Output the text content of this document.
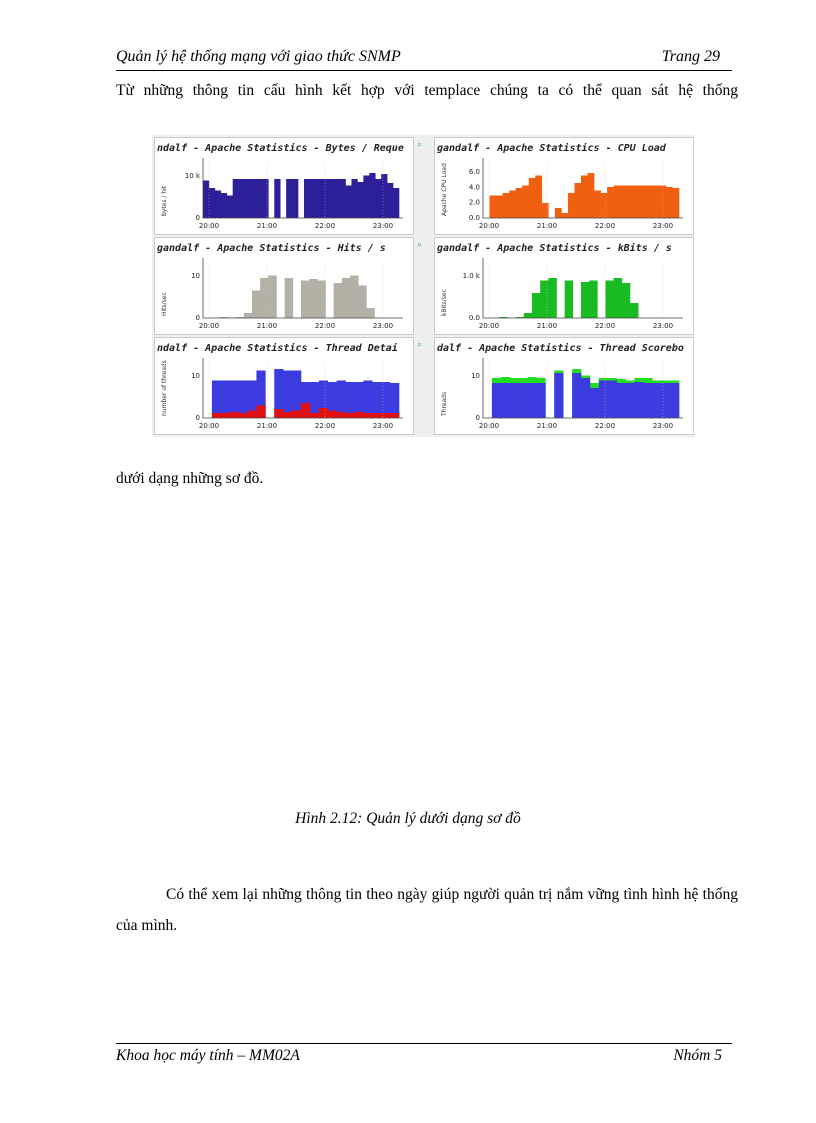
Quản lý hệ thống mạng với giao thức SNMP	Trang 29
Từ những thông tin cấu hình kết hợp với templace chúng ta có thể quan sát hệ thống
10 k
0
20:00	21:00	22:00	23:00
ndalf - Apache Statistics - Bytes / Reque
bytes / hit
⌕
6.0
4.0
2.0
0.0
20:00	21:00	22:00	23:00
gandalf - Apache Statistics - CPU Load
Apache CPU Load
10
0
20:00	21:00	22:00	23:00
gandalf - Apache Statistics - Hits / s
Hits/sec
⌕
1.0 k
0.0
20:00	21:00	22:00	23:00
gandalf - Apache Statistics - kBits / s
kBits/sec
10
0
20:00	21:00	22:00	23:00
ndalf - Apache Statistics - Thread Detai
number of threads
⌕
10
0
20:00	21:00	22:00	23:00
dalf - Apache Statistics - Thread Scorebo
Threads
dưới dạng những sơ đồ.
Hình 2.12: Quản lý dưới dạng sơ đồ
Có thể xem lại những thông tin theo ngày giúp người quản trị nắm vững tình hình hệ thống của mình.
Khoa học máy tính – MM02A	Nhóm 5
